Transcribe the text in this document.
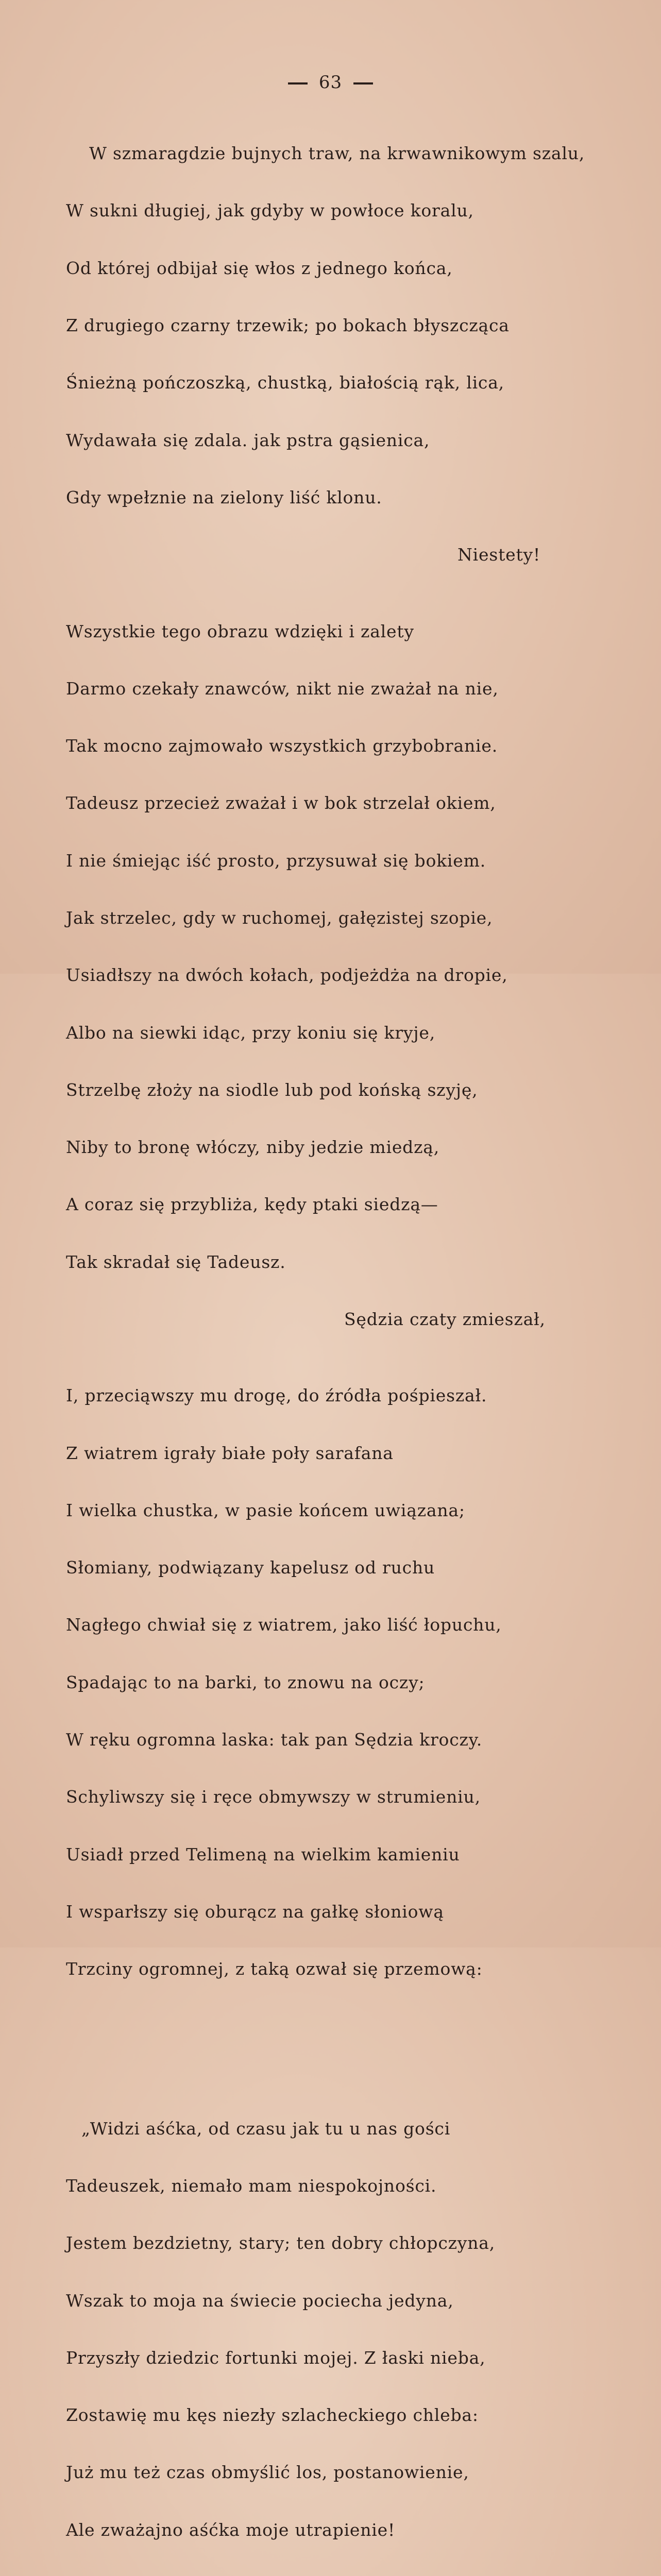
63

W szmaragdzie bujnych traw, na krwawnikowym szalu,

W sukni długiej, jak gdyby w powłoce koralu,

Od której odbijał się włos z jednego końca,

Z drugiego czarny trzewik; po bokach błyszcząca

Śnieżną pończoszką, chustką, białością rąk, lica,

Wydawała się zdala. jak pstra gąsienica,

Gdy wpełznie na zielony liść klonu.

Niestety!

Wszystkie tego obrazu wdzięki i zalety

Darmo czekały znawców, nikt nie zważał na nie,

Tak mocno zajmowało wszystkich grzybobranie.

Tadeusz przecież zważał i w bok strzelał okiem,

I nie śmiejąc iść prosto, przysuwał się bokiem.

Jak strzelec, gdy w ruchomej, gałęzistej szopie,

Usiadłszy na dwóch kołach, podjeżdża na dropie,

Albo na siewki idąc, przy koniu się kryje,

Strzelbę złoży na siodle lub pod końską szyję,

Niby to bronę włóczy, niby jedzie miedzą,

A coraz się przybliża, kędy ptaki siedzą—

Tak skradał się Tadeusz.

Sędzia czaty zmieszał,

I, przeciąwszy mu drogę, do źródła pośpieszał.

Z wiatrem igrały białe poły sarafana

I wielka chustka, w pasie końcem uwiązana;

Słomiany, podwiązany kapelusz od ruchu

Nagłego chwiał się z wiatrem, jako liść łopuchu,

Spadając to na barki, to znowu na oczy;

W ręku ogromna laska: tak pan Sędzia kroczy.

Schyliwszy się i ręce obmywszy w strumieniu,

Usiadł przed Telimeną na wielkim kamieniu

I wsparłszy się oburącz na gałkę słoniową

Trzciny ogromnej, z taką ozwał się przemową:

„Widzi aśćka, od czasu jak tu u nas gości

Tadeuszek, niemało mam niespokojności.

Jestem bezdzietny, stary; ten dobry chłopczyna,

Wszak to moja na świecie pociecha jedyna,

Przyszły dziedzic fortunki mojej. Z łaski nieba,

Zostawię mu kęs niezły szlacheckiego chleba:

Już mu też czas obmyślić los, postanowienie,

Ale zważajno aśćka moje utrapienie!
